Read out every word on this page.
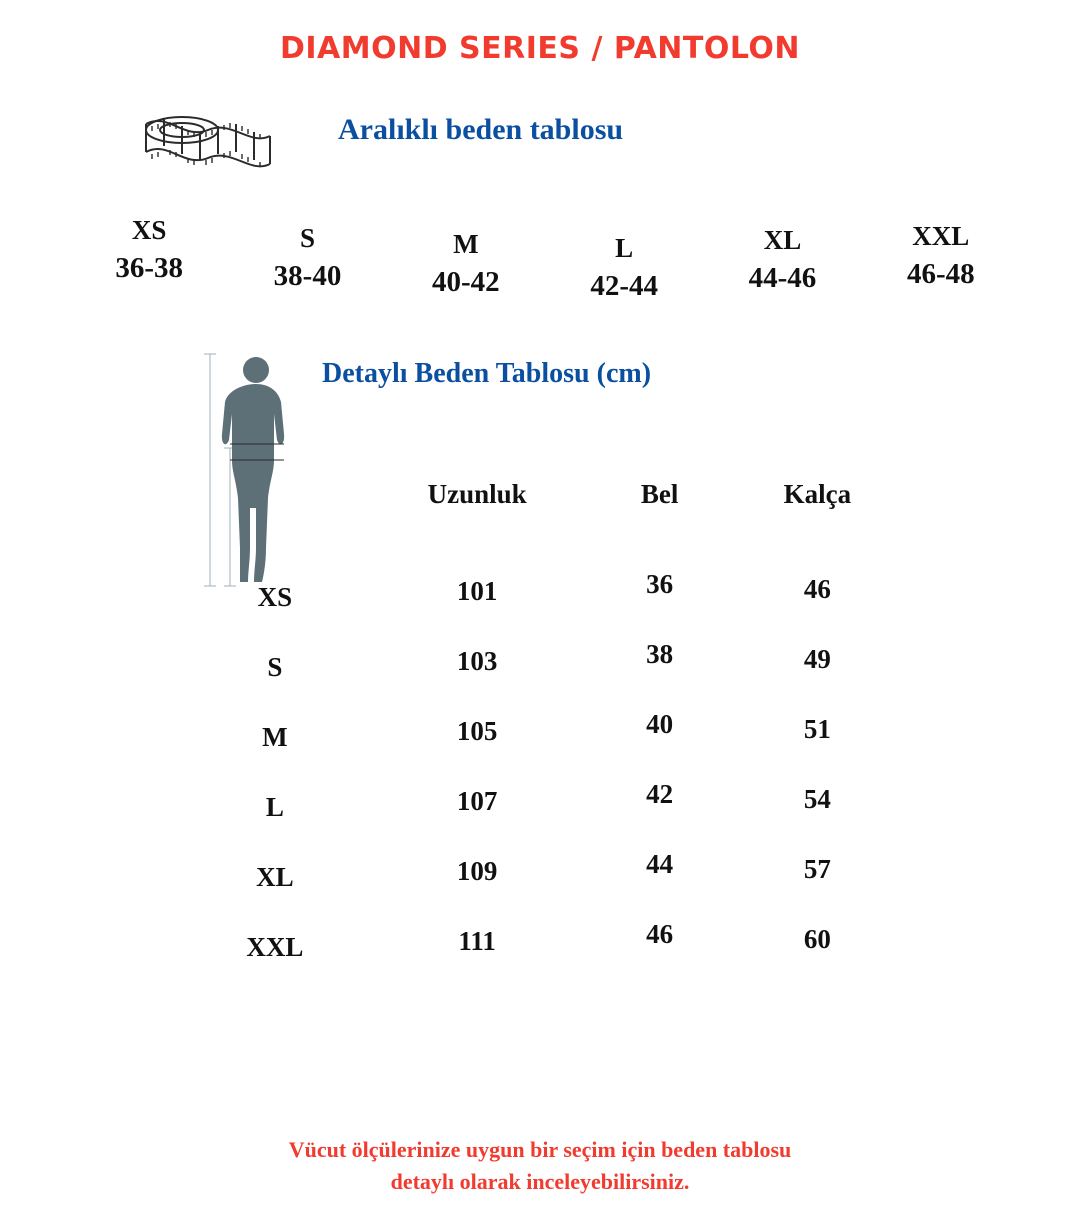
DIAMOND SERIES / PANTOLON
Aralıklı beden tablosu
XS
36-38
S
38-40
M
40-42
L
42-44
XL
44-46
XXL
46-48
Detaylı Beden Tablosu (cm)
	Uzunluk	Bel	Kalça
XS	101	36	46
S	103	38	49
M	105	40	51
L	107	42	54
XL	109	44	57
XXL	111	46	60
Vücut ölçülerinize uygun bir seçim için beden tablosu
detaylı olarak inceleyebilirsiniz.
